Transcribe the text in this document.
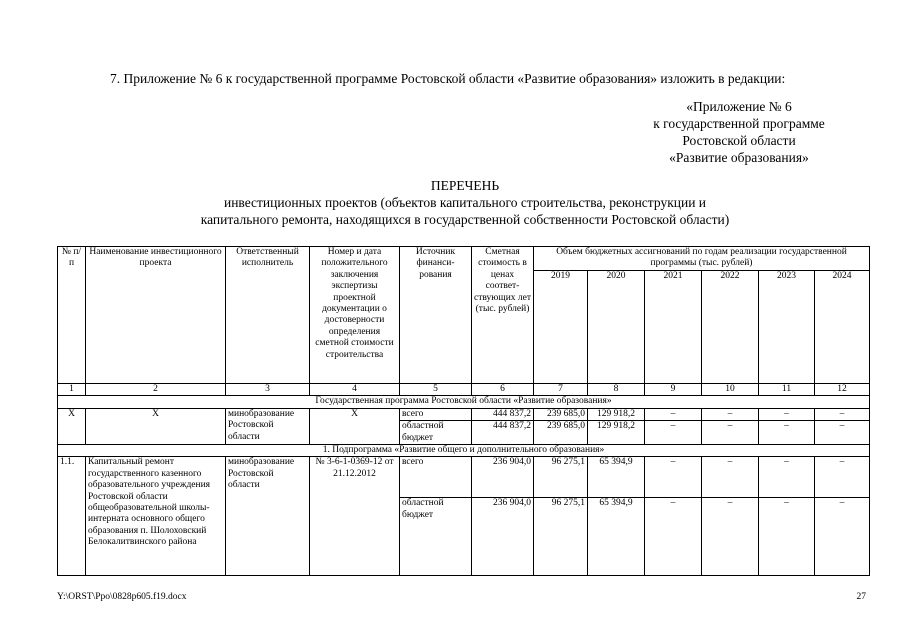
7. Приложение № 6 к государственной программе Ростовской области «Развитие образования» изложить в редакции:
«Приложение № 6
к государственной программе
Ростовской области
«Развитие образования»
ПЕРЕЧЕНЬ
инвестиционных проектов (объектов капитального строительства, реконструкции и
капитального ремонта, находящихся в государственной собственности Ростовской области)
№ п/п	Наименование инвестиционного проекта	Ответственный исполнитель	Номер и дата положительного заключения экспертизы проектной документации о достоверности определения сметной стоимости строительства	Источник финанси-рования	Сметная стоимость в ценах соответ-ствующих лет (тыс. рублей)	Объем бюджетных ассигнований по годам реализации государственной программы (тыс. рублей)					
						2019	2020	2021	2022	2023	2024
1	2	3	4	5	6	7	8	9	10	11	12
Государственная программа Ростовской области «Развитие образования»											
Х	Х	минобразование Ростовской области	Х	всего	444 837,2	239 685,0	129 918,2	–	–	–	–
				областной бюджет	444 837,2	239 685,0	129 918,2	–	–	–	–
1. Подпрограмма «Развитие общего и дополнительного образования»											
1.1.	Капитальный ремонт государственного казенного образовательного учреждения Ростовской области общеобразовательной школы-интерната основного общего образования п. Шолоховский Белокалитвинского района	минобразование Ростовской области	№ 3-6-1-0369-12 от 21.12.2012	всего	236 904,0	96 275,1	65 394,9	–	–	–	–
				областной бюджет	236 904,0	96 275,1	65 394,9	–	–	–	–
Y:\ORST\Ppo\0828p605.f19.docx	27
